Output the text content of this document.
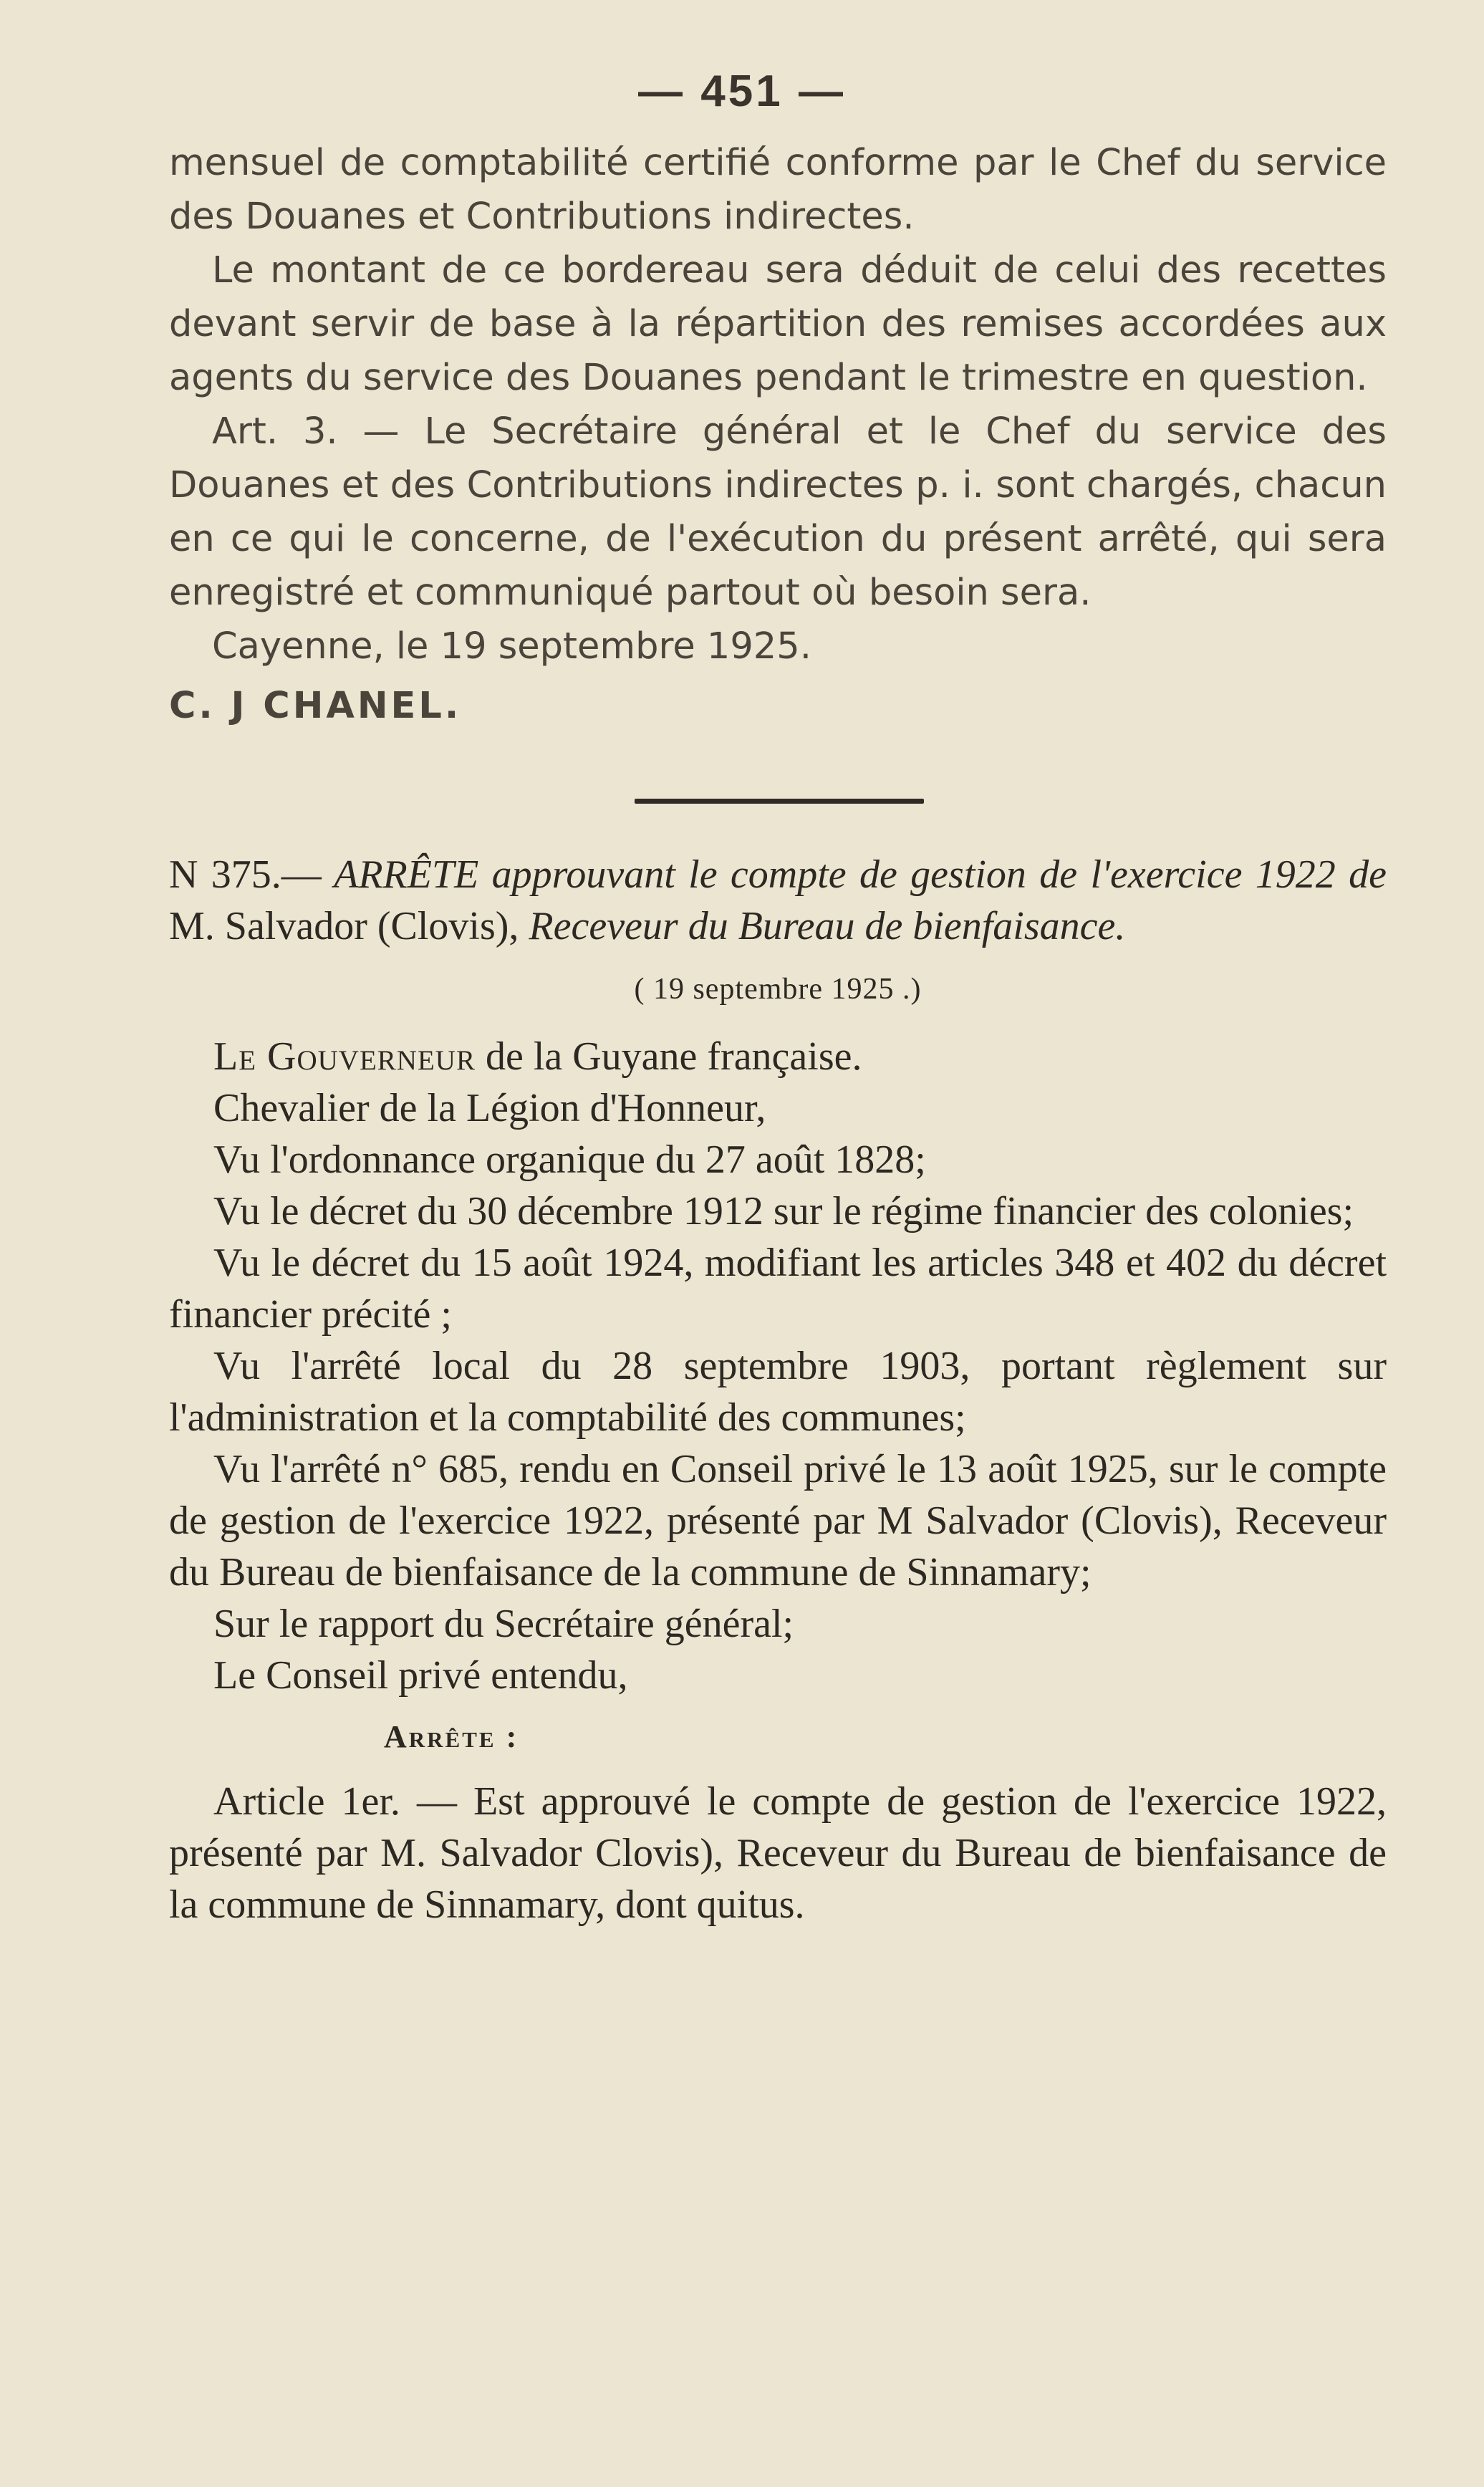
— 451 —

mensuel de comptabilité certifié conforme par le Chef du service des Douanes et Contributions indirectes.

Le montant de ce bordereau sera déduit de celui des recettes devant servir de base à la répartition des remises accordées aux agents du service des Douanes pendant le trimestre en question.

Art. 3. — Le Secrétaire général et le Chef du service des Douanes et des Contributions indirectes p. i. sont chargés, chacun en ce qui le concerne, de l'exécution du présent arrêté, qui sera enregistré et communiqué partout où besoin sera.

Cayenne, le 19 septembre 1925.

C. J CHANEL.

N 375.— ARRÊTE approuvant le compte de gestion de l'exercice 1922 de M. Salvador (Clovis), Receveur du Bureau de bienfaisance.

( 19 septembre 1925 .)

Le Gouverneur de la Guyane française.

Chevalier de la Légion d'Honneur,

Vu l'ordonnance organique du 27 août 1828;

Vu le décret du 30 décembre 1912 sur le régime financier des colonies;

Vu le décret du 15 août 1924, modifiant les articles 348 et 402 du décret financier précité ;

Vu l'arrêté local du 28 septembre 1903, portant règlement sur l'administration et la comptabilité des communes;

Vu l'arrêté n° 685, rendu en Conseil privé le 13 août 1925, sur le compte de gestion de l'exercice 1922, présenté par M Salvador (Clovis), Receveur du Bureau de bienfaisance de la commune de Sinnamary;

Sur le rapport du Secrétaire général;

Le Conseil privé entendu,

Arrête :

Article 1er. — Est approuvé le compte de gestion de l'exercice 1922, présenté par M. Salvador Clovis), Receveur du Bureau de bienfaisance de la commune de Sinnamary, dont quitus.
